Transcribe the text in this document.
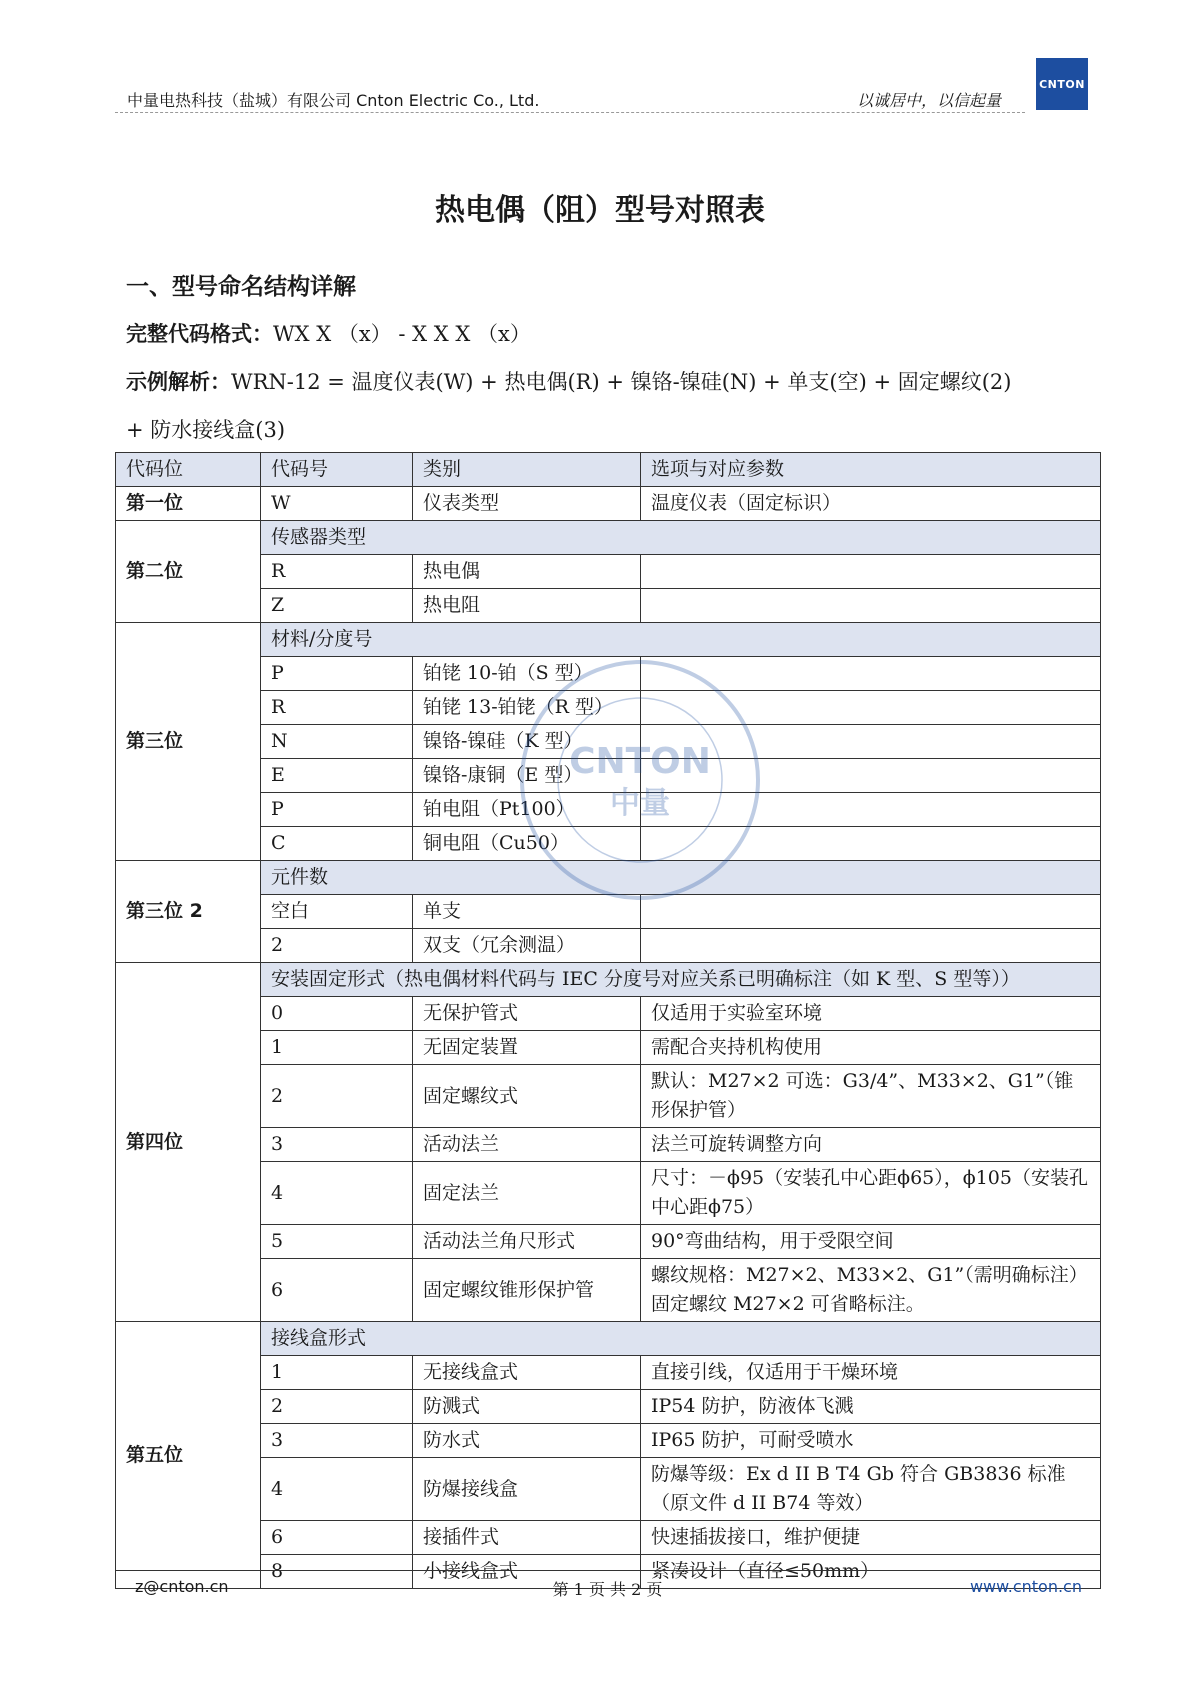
中量电热科技（盐城）有限公司 Cnton Electric Co., Ltd.	以诚居中，以信起量
CNTON
热电偶（阻）型号对照表
一、型号命名结构详解
完整代码格式：WX X （x） - X X X （x）
示例解析：WRN-12 = 温度仪表(W) + 热电偶(R) + 镍铬-镍硅(N) + 单支(空) + 固定螺纹(2)
+ 防水接线盒(3)
代码位	代码号	类别	选项与对应参数
第一位	W	仪表类型	温度仪表（固定标识）
第二位	传感器类型		
	R	热电偶	
	Z	热电阻	
第三位	材料/分度号		
	P	铂铑 10-铂（S 型）	
	R	铂铑 13-铂铑（R 型）	
	N	镍铬-镍硅（K 型）	
	E	镍铬-康铜（E 型）	
	P	铂电阻（Pt100）	
	C	铜电阻（Cu50）	
第三位 2	元件数		
	空白	单支	
	2	双支（冗余测温）	
第四位	安装固定形式（热电偶材料代码与 IEC 分度号对应关系已明确标注（如 K 型、S 型等））		
	0	无保护管式	仅适用于实验室环境
	1	无固定装置	需配合夹持机构使用
	2	固定螺纹式	默认：M27×2 可选：G3/4”、M33×2、G1”（锥形保护管）
	3	活动法兰	法兰可旋转调整方向
	4	固定法兰	尺寸：－ϕ95（安装孔中心距ϕ65），ϕ105（安装孔中心距ϕ75）
	5	活动法兰角尺形式	90°弯曲结构，用于受限空间
	6	固定螺纹锥形保护管	螺纹规格：M27×2、M33×2、G1”（需明确标注）固定螺纹 M27×2 可省略标注。
第五位	接线盒形式		
	1	无接线盒式	直接引线，仅适用于干燥环境
	2	防溅式	IP54 防护，防液体飞溅
	3	防水式	IP65 防护，可耐受喷水
	4	防爆接线盒	防爆等级：Ex d II B T4 Gb 符合 GB3836 标准（原文件 d II B74 等效）
	6	接插件式	快速插拔接口，维护便捷
	8	小接线盒式	紧凑设计（直径≤50mm）
CNTON
中量
z@cnton.cn	第 1 页 共 2 页	www.cnton.cn
